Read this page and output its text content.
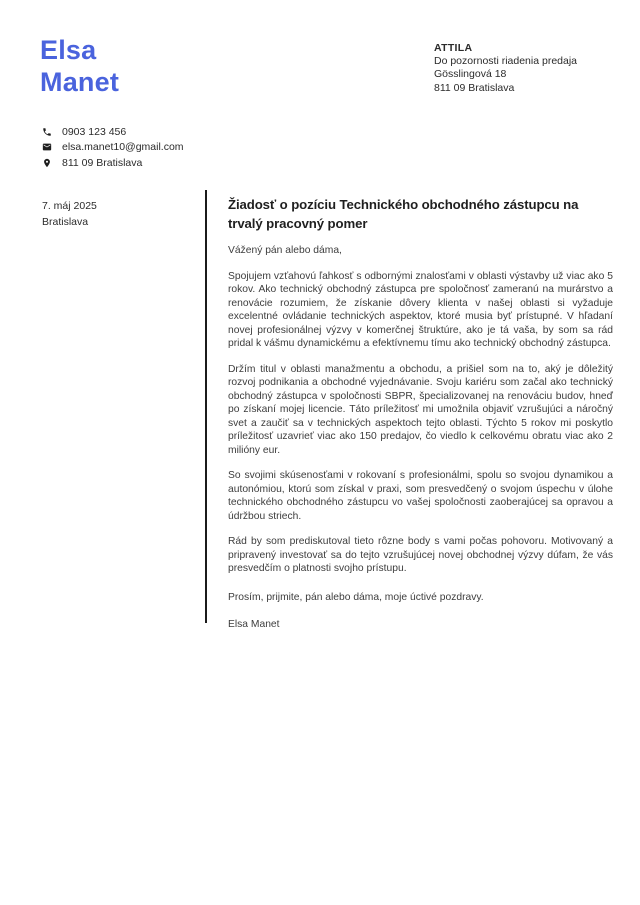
Elsa
Manet
ATTILA
Do pozornosti riadenia predaja
Gösslingová 18
811 09 Bratislava
0903 123 456
elsa.manet10@gmail.com
811 09 Bratislava
7. máj 2025
Bratislava
Žiadosť o pozíciu Technického obchodného zástupcu na trvalý pracovný pomer
Vážený pán alebo dáma,

Spojujem vzťahovú ľahkosť s odbornými znalosťami v oblasti výstavby už viac ako 5 rokov. Ako technický obchodný zástupca pre spoločnosť zameranú na murárstvo a renovácie rozumiem, že získanie dôvery klienta v našej oblasti si vyžaduje excelentné ovládanie technických aspektov, ktoré musia byť prístupné. V hľadaní novej profesionálnej výzvy v komerčnej štruktúre, ako je tá vaša, by som sa rád pridal k vášmu dynamickému a efektívnemu tímu ako technický obchodný zástupca.

Držím titul v oblasti manažmentu a obchodu, a prišiel som na to, aký je dôležitý rozvoj podnikania a obchodné vyjednávanie. Svoju kariéru som začal ako technický obchodný zástupca v spoločnosti SBPR, špecializovanej na renováciu budov, hneď po získaní mojej licencie. Táto príležitosť mi umožnila objaviť vzrušujúci a náročný svet a zaučiť sa v technických aspektoch tejto oblasti. Týchto 5 rokov mi poskytlo príležitosť uzavrieť viac ako 150 predajov, čo viedlo k celkovému obratu viac ako 2 milióny eur.

So svojimi skúsenosťami v rokovaní s profesionálmi, spolu so svojou dynamikou a autonómiou, ktorú som získal v praxi, som presvedčený o svojom úspechu v úlohe technického obchodného zástupcu vo vašej spoločnosti zaoberajúcej sa opravou a údržbou striech.

Rád by som prediskutoval tieto rôzne body s vami počas pohovoru. Motivovaný a pripravený investovať sa do tejto vzrušujúcej novej obchodnej výzvy dúfam, že vás presvedčím o platnosti svojho prístupu.

Prosím, prijmite, pán alebo dáma, moje úctivé pozdravy.
Elsa Manet
